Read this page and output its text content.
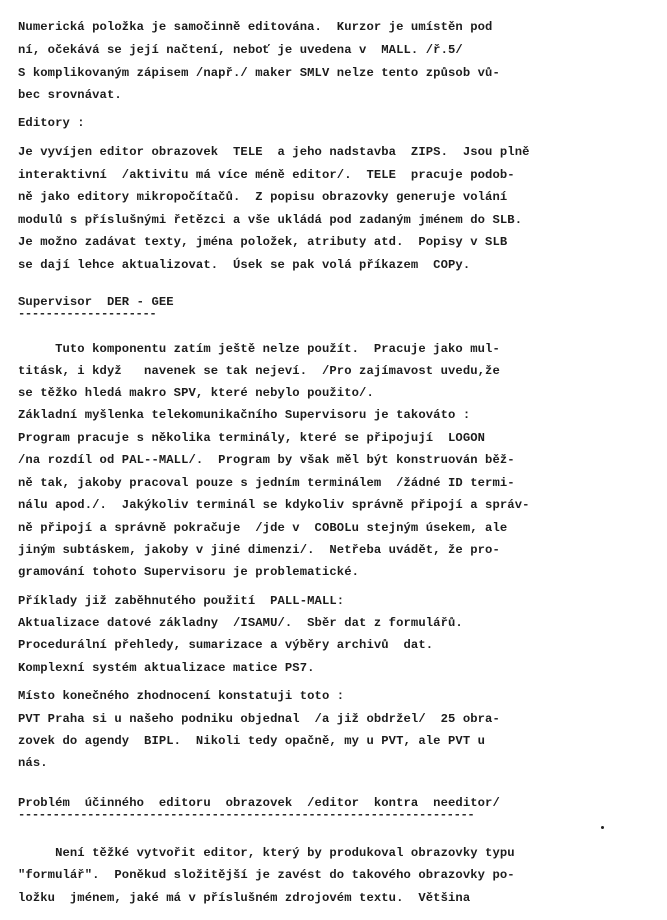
Numerická položka je samočinně editována.  Kurzor je umístěn pod

ní, očekává se její načtení, neboť je uvedena v  MALL. /ř.5/

S komplikovaným zápisem /např./ maker SMLV nelze tento způsob vů-

bec srovnávat.

Editory :

Je vyvíjen editor obrazovek  TELE  a jeho nadstavba  ZIPS.  Jsou plně

interaktivní  /aktivitu má více méně editor/.  TELE  pracuje podob-

ně jako editory mikropočítačů.  Z popisu obrazovky generuje volání

modulů s příslušnými řetězci a vše ukládá pod zadaným jménem do SLB.

Je možno zadávat texty, jména položek, atributy atd.  Popisy v SLB

se dají lehce aktualizovat.  Úsek se pak volá příkazem  COPy.

Supervisor  DER - GEE

--------------------

Tuto komponentu zatím ještě nelze použít.  Pracuje jako mul-

titásk, i když   navenek se tak nejeví.  /Pro zajímavost uvedu,že

se těžko hledá makro SPV, které nebylo použito/.

Základní myšlenka telekomunikačního Supervisoru je takováto :

Program pracuje s několika terminály, které se připojují  LOGON

/na rozdíl od PAL--MALL/.  Program by však měl být konstruován běž-

ně tak, jakoby pracoval pouze s jedním terminálem  /žádné ID termi-

nálu apod./.  Jakýkoliv terminál se kdykoliv správně připojí a správ-

ně připojí a správně pokračuje  /jde v  COBOLu stejným úsekem, ale

jiným subtáskem, jakoby v jiné dimenzi/.  Netřeba uvádět, že pro-

gramování tohoto Supervisoru je problematické.

Příklady již zaběhnutého použití  PALL-MALL:

Aktualizace datové základny  /ISAMU/.  Sběr dat z formulářů.

Procedurální přehledy, sumarizace a výběry archivů  dat.

Komplexní systém aktualizace matice PS7.

Místo konečného zhodnocení konstatuji toto :

PVT Praha si u našeho podniku objednal  /a již obdržel/  25 obra-

zovek do agendy  BIPL.  Nikoli tedy opačně, my u PVT, ale PVT u

nás.

Problém  účinného  editoru  obrazovek  /editor  kontra  needitor/

------------------------------------------------------------------

Není těžké vytvořit editor, který by produkoval obrazovky typu

"formulář".  Poněkud složitější je zavést do takového obrazovky po-

ložku  jménem, jaké má v příslušném zdrojovém textu.  Většina
